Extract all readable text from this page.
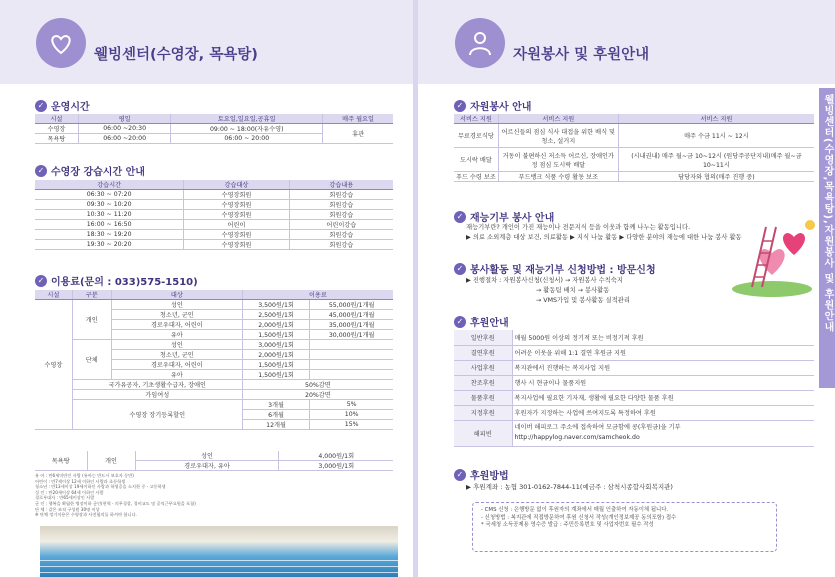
웰빙센터(수영장, 목욕탕)
✓ 운영시간
시설	평일	토요일,일요일,공휴일	매주 월요일
수영장	06:00 ~20:30	09:00 ~ 18:00(자유수영)	휴관
목욕탕	06:00 ~20:00	06:00 ~ 20:00	
✓ 수영장 강습시간 안내
강습시간	강습대상	강습내용
06:30 ~ 07:20	수영장회원	회원강습
09:30 ~ 10:20	수영장회원	회원강습
10:30 ~ 11:20	수영장회원	회원강습
16:00 ~ 16:50	어린이	어린이강습
18:30 ~ 19:20	수영장회원	회원강습
19:30 ~ 20:20	수영장회원	회원강습
✓ 이용료(문의 : 033)575-1510)
시설	구분	대상	이용료	
수영장	개인	성인	3,500원/1회	55,000원/1개월
		청소년, 군인	2,500원/1회	45,000원/1개월
		경로우대자, 어린이	2,000원/1회	35,000원/1개월
		유아	1,500원/1회	30,000원/1개월
	단체	성인	3,000원/1회	
		청소년, 군인	2,000원/1회	
		경로우대자, 어린이	1,500원/1회	
		유아	1,500원/1회	
	국가유공자, 기초생활수급자, 장애인		50%감면	
	가임여성		20%감면	
	수영장 장기등록할인		3개월	5%
			6개월	10%
			12개월	15%
목욕탕	개인	성인	4,000원/1회
		경로우대자, 유아	3,000원/1회
유 아 : 만6세미만인 사람 (유아는 반드시 보호자 동반)
어린이 : 만7세이상 12세 이하인 사람과 초등학생
청소년 : 만13세이상 19세이하인 사람과 학생증을 소지한 중ㆍ고등학생
성 인 : 만20세이상 64세 이하인 사람
경로우대자 : 만65세이상인 사람
군 인 : 행복을 확립한 병장이하 군인(현역ㆍ의무경찰, 경비교도 및 공익근무요원을 포함)
단 체 : 같은 조직 구성원 30명 이상
※ 단체 정기이용은 수영장과 사전협의를 하셔야 합니다.
자원봉사 및 후원안내
웰빙센터(수영장,목욕탕),자원봉사 및 후원안내
✓ 자원봉사 안내
서비스 지원	서비스 지원	서비스 지원
무료경로식당	어르신들의 점심 식사 대접을 위한 배식 및 청소, 설거지	매주 수금 11시 ~ 12시
도시락 배달	거동이 불편하신 저소득 어르신, 장애인가정 점심 도시락 배달	(시내권내) 매주 월~금 10~12시 (원당주공단지내)매주 월~금 10~11시
푸드 수령 보조	푸드뱅크 식품 수령 활동 보조	담당자와 협의(매주 진행 중)
✓ 재능기부 봉사 안내
재능기부란? 개인이 가진 재능이나 전문지식 등을 이웃과 함께 나누는 활동입니다.
▶ 의료 소외계층 대상 보건, 의료활동 ▶ 지식 나눔 활동 ▶ 다양한 분야의 재능에 대한 나눔 봉사 활동
✓ 봉사활동 및 재능기부 신청방법 : 방문신청
▶ 진행절차 : 자원봉사신청(신청서) → 자원봉사 수칙숙지
→ 활동팀 배치 → 봉사활동
→ VMS가입 및 봉사활동 실적관리
✓ 후원안내
일반후원	매월 5000원 이상의 정기적 또는 비정기적 후원
결연후원	어려운 이웃을 위해 1:1 결연 후원금 지원
사업후원	복지관에서 진행하는 복지사업 지원
찬조후원	행사 시 현금이나 물품지원
물품후원	복지사업에 필요한 기자재, 생활에 필요한 다양한 물품 후원
지정후원	후원자가 지정하는 사업에 쓰여지도록 특정하여 후원
해피빈	네이버 해피로그 주소에 접속하여 모금함에 콩(후원금)을 기부
http://happylog.naver.com/samcheok.do
✓ 후원방법
▶ 후원계좌 : 농협 301-0162-7844-11(예금주 : 삼척시종합사회복지관)
- CMS 신청 : 은행방문 없이 후원자의 계좌에서 매월 인출하여 자동이체 됩니다.
- 신청방법 : 복지관에 직접방문하여 후원 신청서 작성(개인정보제공 동의포함) 접수
* 국세청 소득공제용 영수증 발급 : 주민등록번호 및 사업자번호 필수 작성
